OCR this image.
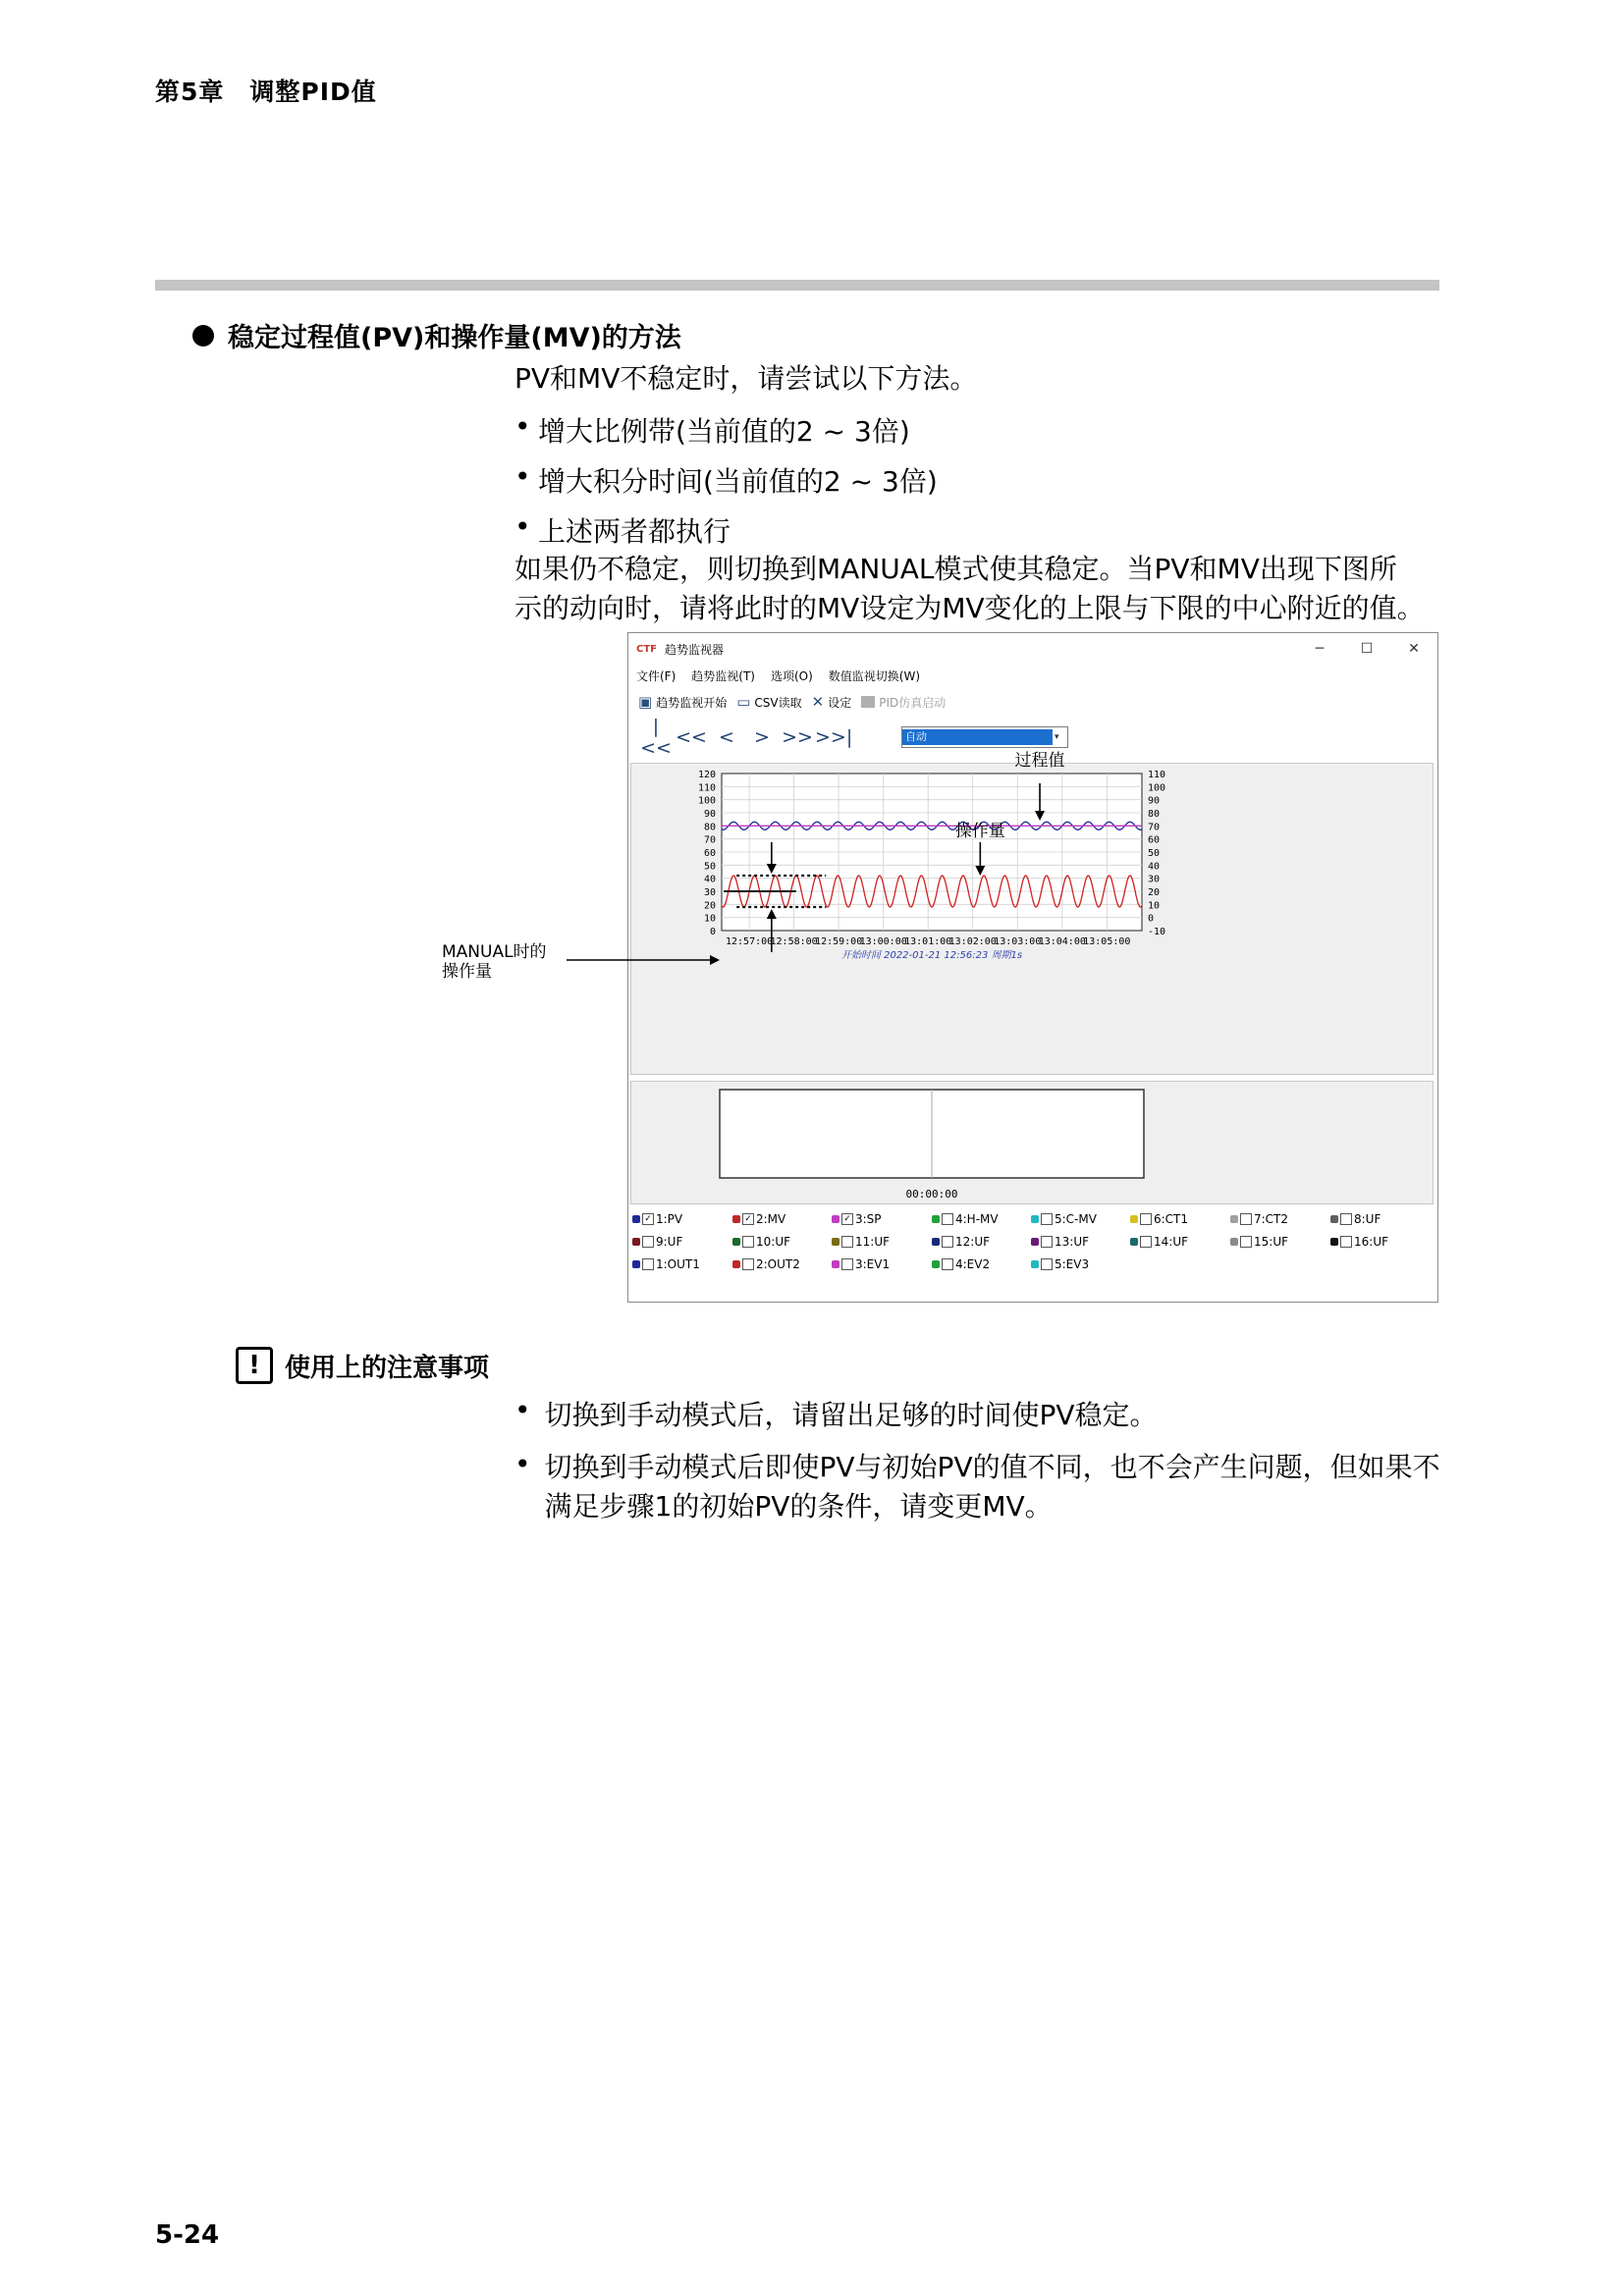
第5章　调整PID值
稳定过程值(PV)和操作量(MV)的方法
PV和MV不稳定时，请尝试以下方法。
• 增大比例带(当前值的2 ~ 3倍)
• 增大积分时间(当前值的2 ~ 3倍)
• 上述两者都执行
如果仍不稳定，则切换到MANUAL模式使其稳定。当PV和MV出现下图所
示的动向时，请将此时的MV设定为MV变化的上限与下限的中心附近的值。
CTF 趋势监视器	─	☐	✕
文件(F) 趋势监视(T) 选项(O) 数值监视切换(W)
▣ 趋势监视开始 ▭ CSV读取 ✕ 设定 PID仿真启动
|<< << <	> >> >>|	自动	▾
120	110
110	100
100	90
90	80
80	70
70	60
60	50
50	40
40	30
30	20
20	10
10	0
0	-10
12:57:00
12:58:00
12:59:00
13:00:00
13:01:00
13:02:00
13:03:00
13:04:00
13:05:00
开始时间 2022-01-21 12:56:23 周期1s
过程值
操作量
00:00:00
✓ 1:PV	✓ 2:MV	✓ 3:SP	4:H-MV	5:C-MV	6:CT1	7:CT2	8:UF
9:UF	10:UF	11:UF	12:UF	13:UF	14:UF	15:UF	16:UF
1:OUT1	2:OUT2	3:EV1	4:EV2	5:EV3
MANUAL时的
操作量
! 使用上的注意事项
• 切换到手动模式后，请留出足够的时间使PV稳定。
• 切换到手动模式后即使PV与初始PV的值不同，也不会产生问题，但如果不满足步骤1的初始PV的条件，请变更MV。
5-24
